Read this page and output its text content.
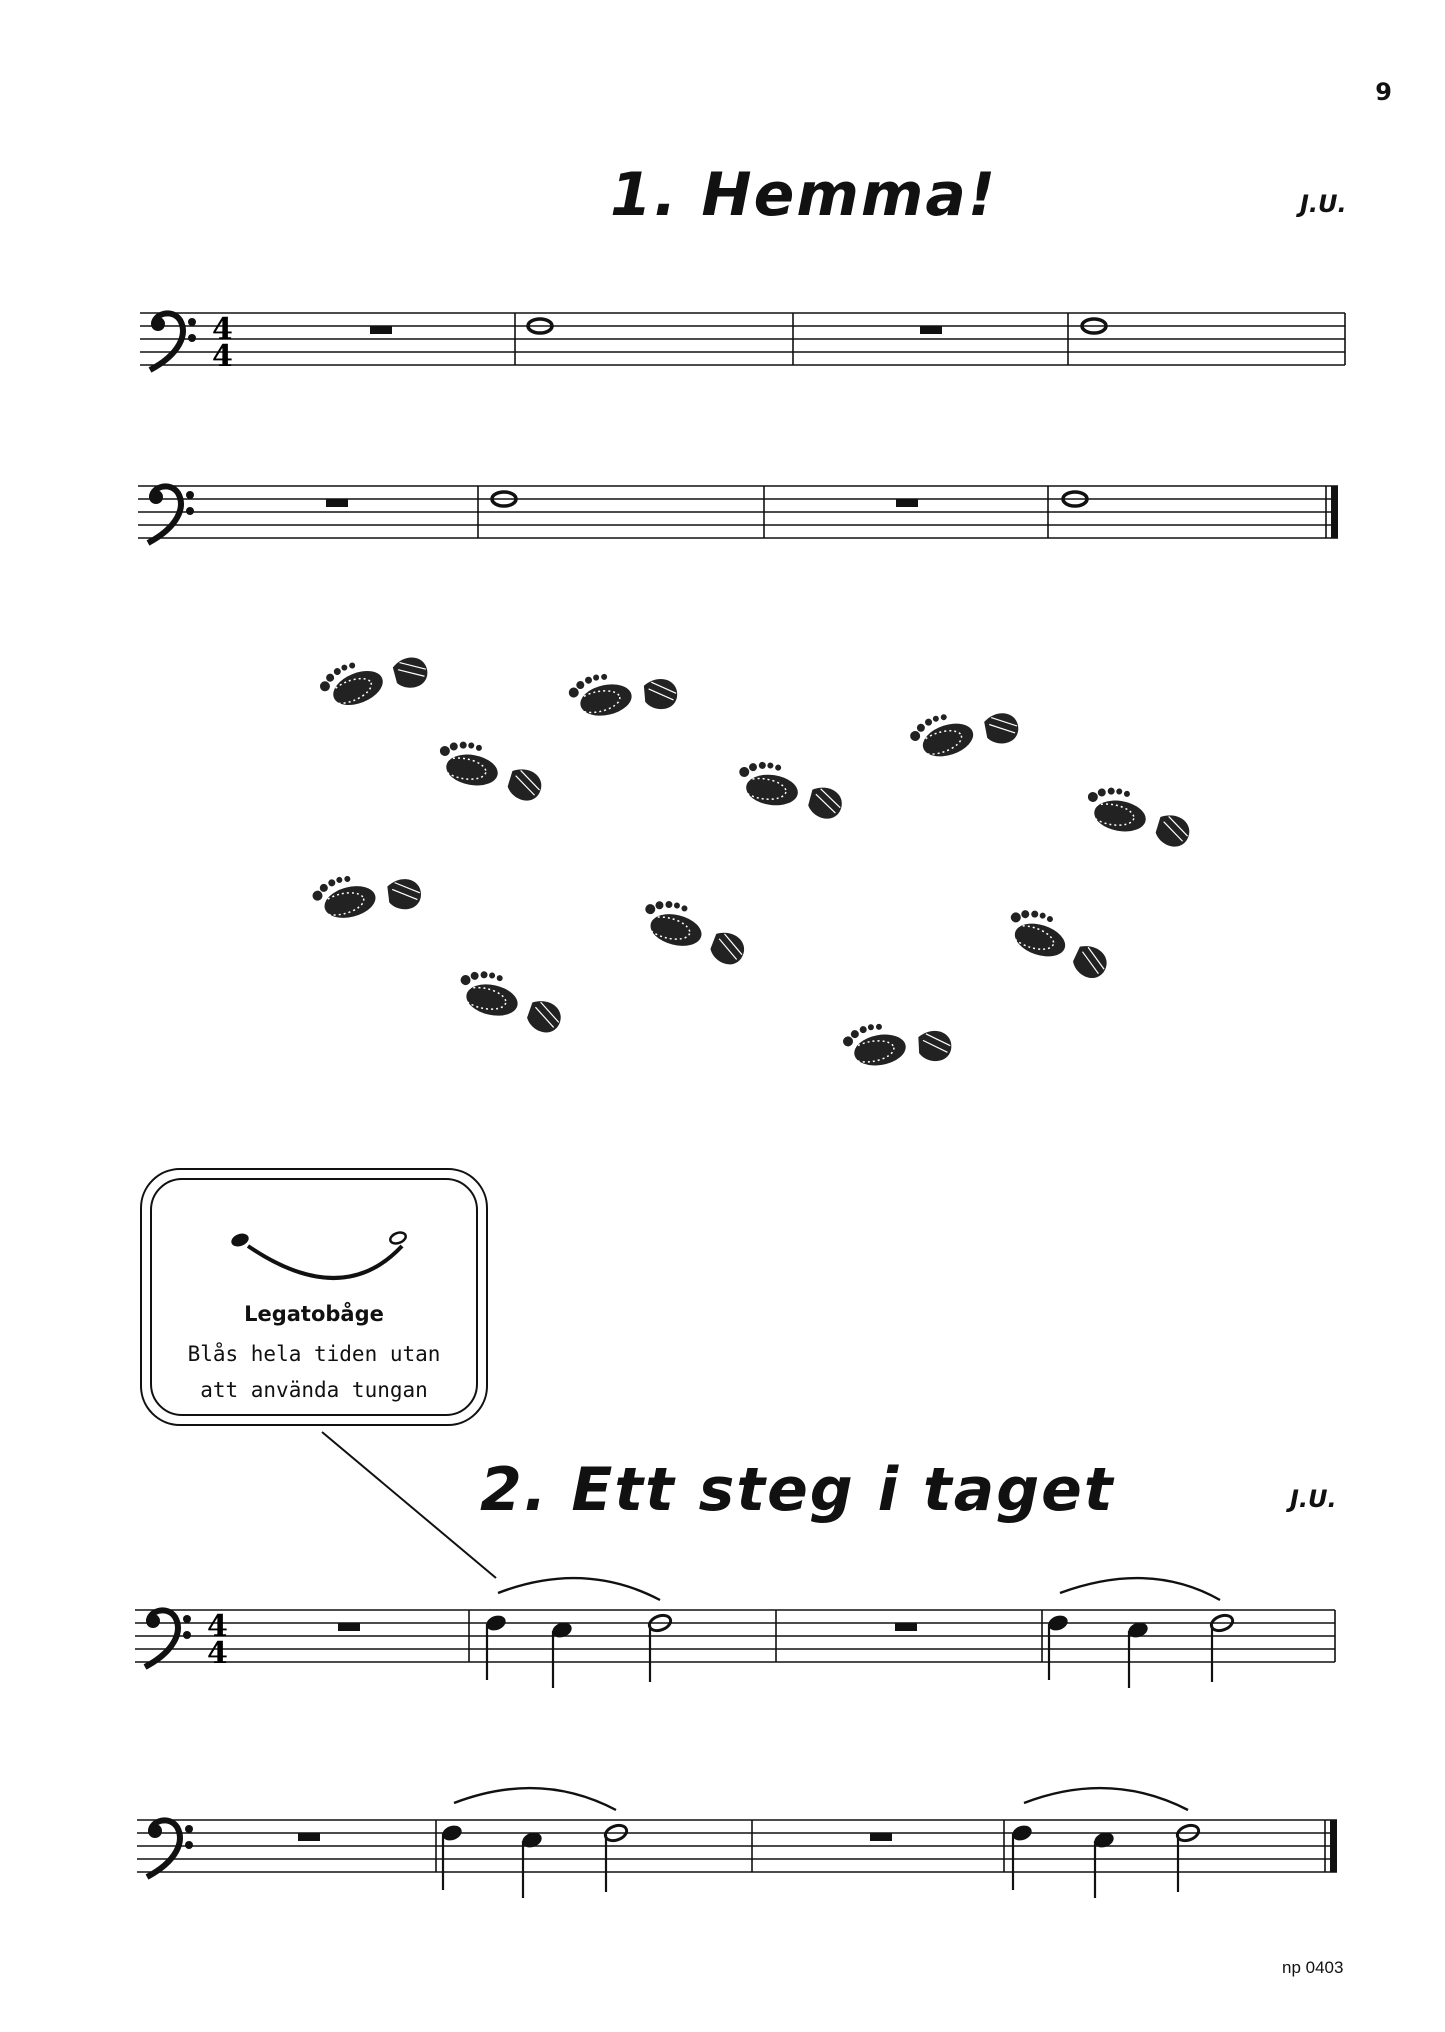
9
1. Hemma!	J.U.
2. Ett steg i taget	J.U.
np 0403
Legatobåge
Blås hela tiden utan
att använda tungan
4
4
4
4
